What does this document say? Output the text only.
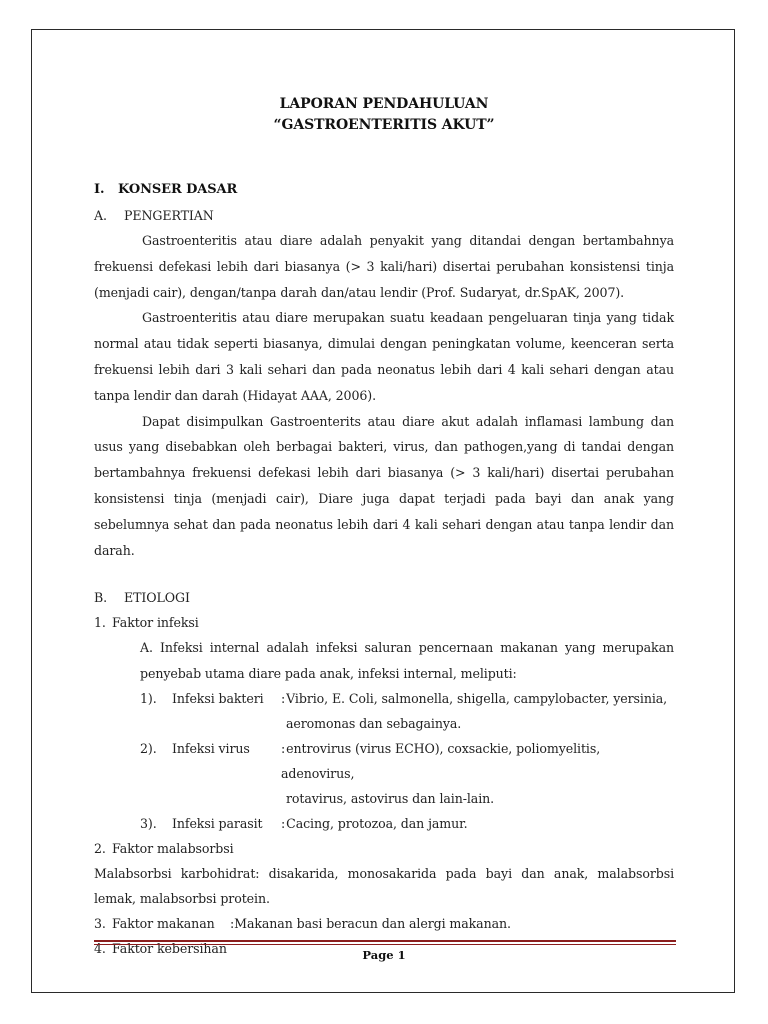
LAPORAN PENDAHULUAN
“GASTROENTERITIS AKUT”
I. KONSER DASAR
A. PENGERTIAN

Gastroenteritis atau diare adalah penyakit yang ditandai dengan bertambahnya frekuensi defekasi lebih dari biasanya (> 3 kali/hari) disertai perubahan konsistensi tinja (menjadi cair), dengan/tanpa darah dan/atau lendir (Prof. Sudaryat, dr.SpAK, 2007).

Gastroenteritis atau diare merupakan suatu keadaan pengeluaran tinja yang tidak normal atau tidak seperti biasanya, dimulai dengan peningkatan volume, keenceran serta frekuensi lebih dari 3 kali sehari dan pada neonatus lebih dari 4 kali sehari dengan atau tanpa lendir dan darah (Hidayat AAA, 2006).

Dapat disimpulkan Gastroenterits atau diare akut adalah inflamasi lambung dan usus yang disebabkan oleh berbagai bakteri, virus, dan pathogen,yang di tandai dengan bertambahnya frekuensi defekasi lebih dari biasanya (> 3 kali/hari) disertai perubahan konsistensi tinja (menjadi cair), Diare juga dapat terjadi pada bayi dan anak yang sebelumnya sehat dan pada neonatus lebih dari 4 kali sehari dengan atau tanpa lendir dan darah.

B. ETIOLOGI
1. Faktor infeksi
A. Infeksi internal adalah infeksi saluran pencernaan makanan yang merupakan penyebab utama diare pada anak, infeksi internal, meliputi:
1).	Infeksi bakteri	:Vibrio, E. Coli, salmonella, shigella, campylobacter, yersinia,
aeromonas dan sebagainya.
2).	Infeksi virus	:entrovirus (virus ECHO), coxsackie, poliomyelitis, adenovirus,
rotavirus, astovirus dan lain-lain.
3).	Infeksi parasit	:Cacing, protozoa, dan jamur.
2. Faktor malabsorbsi
Malabsorbsi karbohidrat: disakarida, monosakarida pada bayi dan anak, malabsorbsi lemak, malabsorbsi protein.
3. Faktor makanan	:Makanan basi beracun dan alergi makanan.
4. Faktor kebersihan	Page 1
